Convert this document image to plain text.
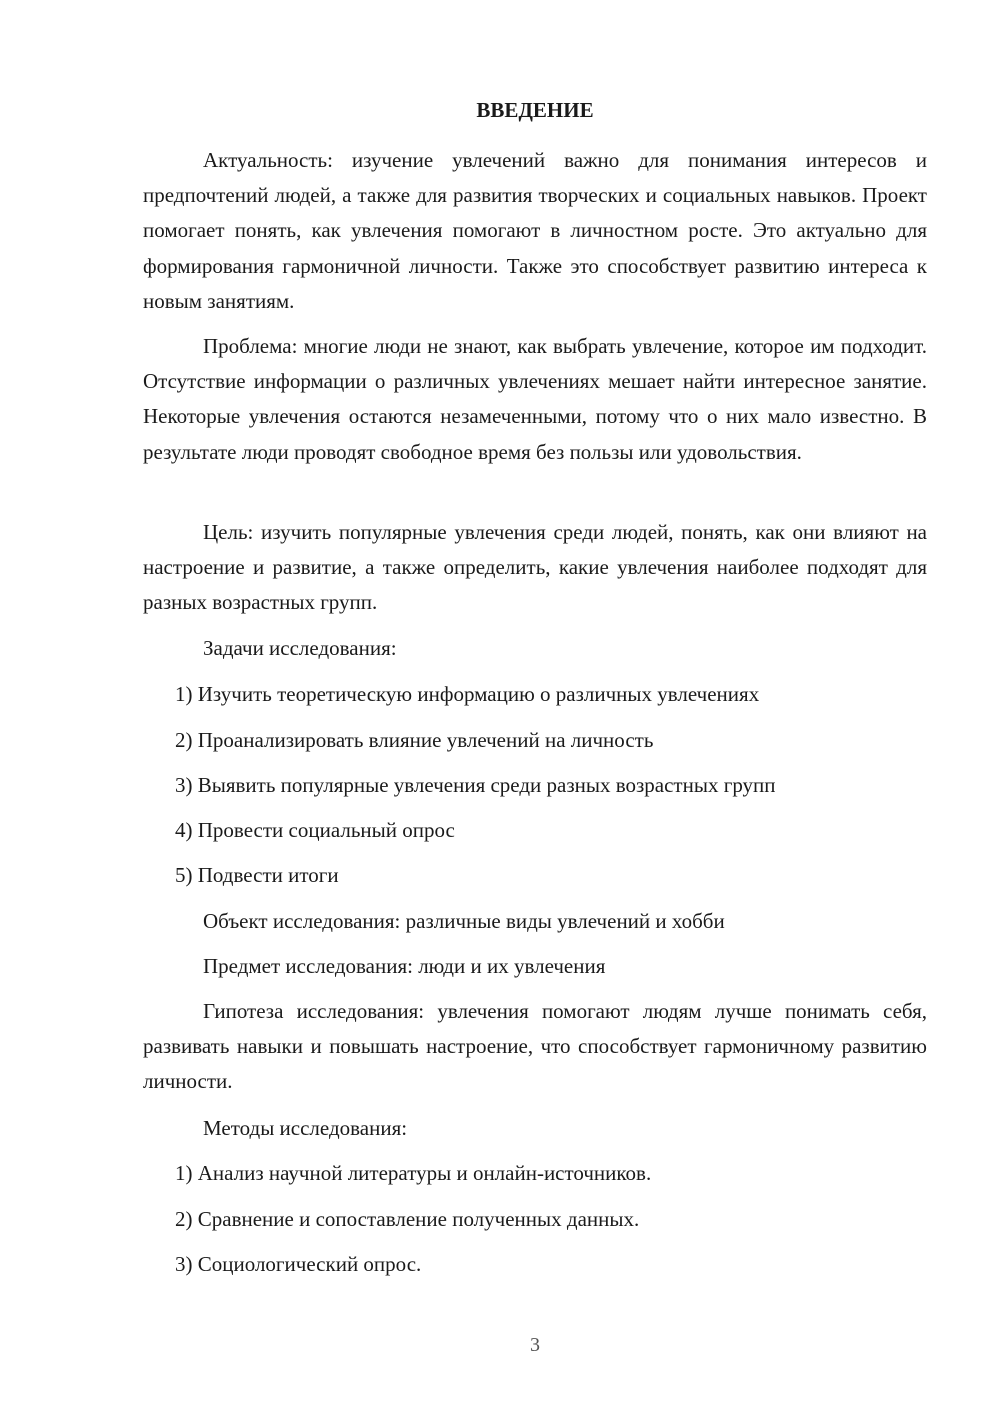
ВВЕДЕНИЕ

Актуальность: изучение увлечений важно для понимания интересов и предпочтений людей, а также для развития творческих и социальных навыков. Проект помогает понять, как увлечения помогают в личностном росте. Это актуально для формирования гармоничной личности. Также это способствует развитию интереса к новым занятиям.

Проблема: многие люди не знают, как выбрать увлечение, которое им подходит. Отсутствие информации о различных увлечениях мешает найти интересное занятие. Некоторые увлечения остаются незамеченными, потому что о них мало известно. В результате люди проводят свободное время без пользы или удовольствия.

Цель: изучить популярные увлечения среди людей, понять, как они влияют на настроение и развитие, а также определить, какие увлечения наиболее подходят для разных возрастных групп.

Задачи исследования:

1) Изучить теоретическую информацию о различных увлечениях

2) Проанализировать влияние увлечений на личность

3) Выявить популярные увлечения среди разных возрастных групп

4) Провести социальный опрос

5) Подвести итоги

Объект исследования: различные виды увлечений и хобби

Предмет исследования: люди и их увлечения

Гипотеза исследования: увлечения помогают людям лучше понимать себя, развивать навыки и повышать настроение, что способствует гармоничному развитию личности.

Методы исследования:

1) Анализ научной литературы и онлайн-источников.

2) Сравнение и сопоставление полученных данных.

3) Социологический опрос.

3
